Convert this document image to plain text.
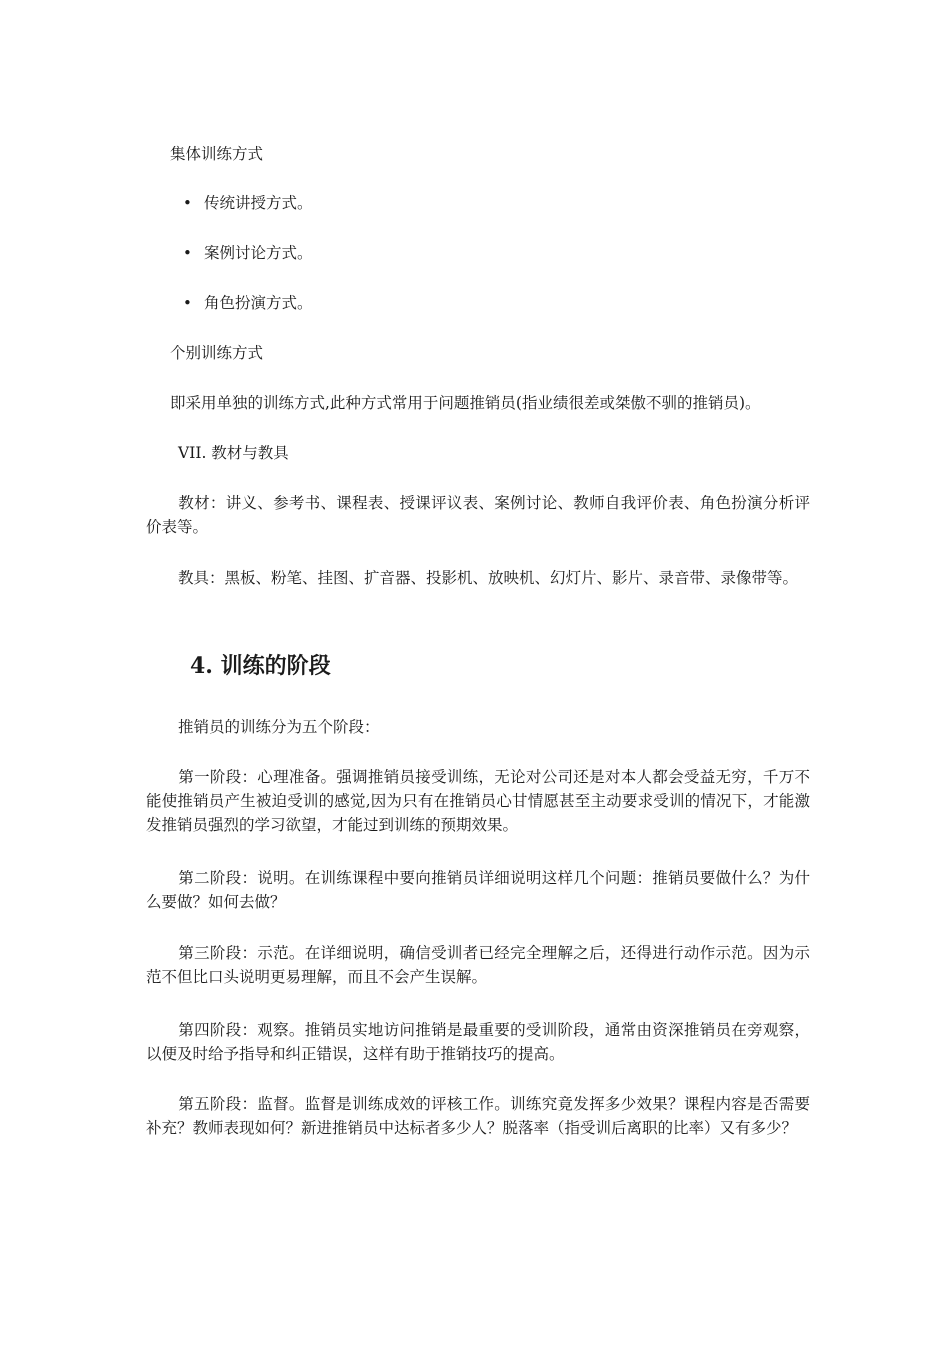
集体训练方式
• 传统讲授方式。
• 案例讨论方式。
• 角色扮演方式。
个别训练方式
即采用单独的训练方式,此种方式常用于问题推销员(指业绩很差或桀傲不驯的推销员)。
VII. 教材与教具
教材：讲义、参考书、课程表、授课评议表、案例讨论、教师自我评价表、角色扮演分析评价表等。
教具：黑板、粉笔、挂图、扩音器、投影机、放映机、幻灯片、影片、录音带、录像带等。
4. 训练的阶段
推销员的训练分为五个阶段：
第一阶段：心理准备。强调推销员接受训练，无论对公司还是对本人都会受益无穷，千万不能使推销员产生被迫受训的感觉,因为只有在推销员心甘情愿甚至主动要求受训的情况下，才能激发推销员强烈的学习欲望，才能过到训练的预期效果。
第二阶段：说明。在训练课程中要向推销员详细说明这样几个问题：推销员要做什么？为什么要做？如何去做？
第三阶段：示范。在详细说明，确信受训者已经完全理解之后，还得进行动作示范。因为示范不但比口头说明更易理解，而且不会产生误解。
第四阶段：观察。推销员实地访问推销是最重要的受训阶段，通常由资深推销员在旁观察，以便及时给予指导和纠正错误，这样有助于推销技巧的提高。
第五阶段：监督。监督是训练成效的评核工作。训练究竟发挥多少效果？课程内容是否需要补充？教师表现如何？新进推销员中达标者多少人？脱落率（指受训后离职的比率）又有多少？
